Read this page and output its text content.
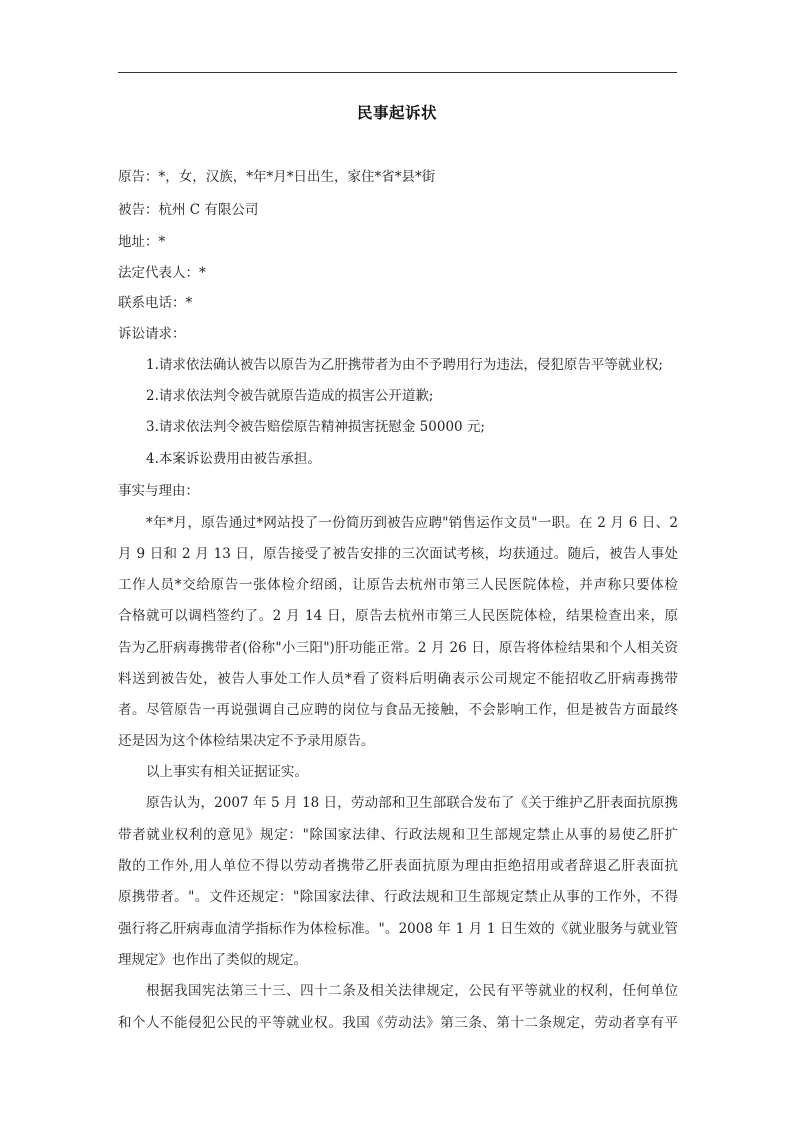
民事起诉状
原告：*，女，汉族，*年*月*日出生，家住*省*县*街
被告：杭州 C 有限公司
地址：*
法定代表人：*
联系电话：*
诉讼请求：
1.请求依法确认被告以原告为乙肝携带者为由不予聘用行为违法，侵犯原告平等就业权;
2.请求依法判令被告就原告造成的损害公开道歉;
3.请求依法判令被告赔偿原告精神损害抚慰金 50000 元;
4.本案诉讼费用由被告承担。
事实与理由：
*年*月，原告通过*网站投了一份简历到被告应聘"销售运作文员"一职。在 2 月 6 日、2
月 9 日和 2 月 13 日，原告接受了被告安排的三次面试考核，均获通过。随后，被告人事处
工作人员*交给原告一张体检介绍函，让原告去杭州市第三人民医院体检，并声称只要体检
合格就可以调档签约了。2 月 14 日，原告去杭州市第三人民医院体检，结果检查出来，原
告为乙肝病毒携带者(俗称"小三阳")肝功能正常。2 月 26 日，原告将体检结果和个人相关资
料送到被告处，被告人事处工作人员*看了资料后明确表示公司规定不能招收乙肝病毒携带
者。尽管原告一再说强调自己应聘的岗位与食品无接触，不会影响工作，但是被告方面最终
还是因为这个体检结果决定不予录用原告。
以上事实有相关证据证实。
原告认为，2007 年 5 月 18 日，劳动部和卫生部联合发布了《关于维护乙肝表面抗原携
带者就业权利的意见》规定："除国家法律、行政法规和卫生部规定禁止从事的易使乙肝扩
散的工作外,用人单位不得以劳动者携带乙肝表面抗原为理由拒绝招用或者辞退乙肝表面抗
原携带者。"。文件还规定："除国家法律、行政法规和卫生部规定禁止从事的工作外，不得
强行将乙肝病毒血清学指标作为体检标准。"。2008 年 1 月 1 日生效的《就业服务与就业管
理规定》也作出了类似的规定。
根据我国宪法第三十三、四十二条及相关法律规定，公民有平等就业的权利，任何单位
和个人不能侵犯公民的平等就业权。我国《劳动法》第三条、第十二条规定，劳动者享有平
